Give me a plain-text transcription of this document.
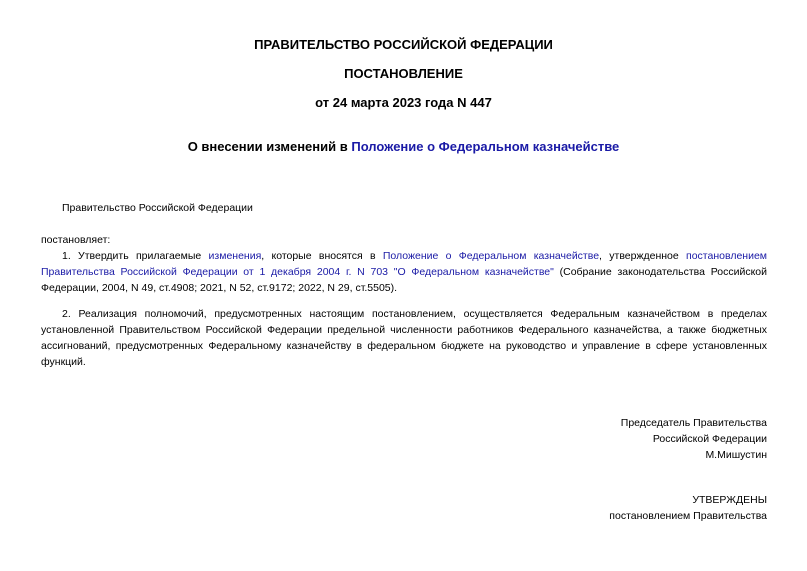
ПРАВИТЕЛЬСТВО РОССИЙСКОЙ ФЕДЕРАЦИИ
ПОСТАНОВЛЕНИЕ
от 24 марта 2023 года N 447
О внесении изменений в Положение о Федеральном казначействе
Правительство Российской Федерации
постановляет:
1. Утвердить прилагаемые изменения, которые вносятся в Положение о Федеральном казначействе, утвержденное постановлением Правительства Российской Федерации от 1 декабря 2004 г. N 703 "О Федеральном казначействе" (Собрание законодательства Российской Федерации, 2004, N 49, ст.4908; 2021, N 52, ст.9172; 2022, N 29, ст.5505).
2. Реализация полномочий, предусмотренных настоящим постановлением, осуществляется Федеральным казначейством в пределах установленной Правительством Российской Федерации предельной численности работников Федерального казначейства, а также бюджетных ассигнований, предусмотренных Федеральному казначейству в федеральном бюджете на руководство и управление в сфере установленных функций.
Председатель Правительства
Российской Федерации
М.Мишустин
УТВЕРЖДЕНЫ
постановлением Правительства
